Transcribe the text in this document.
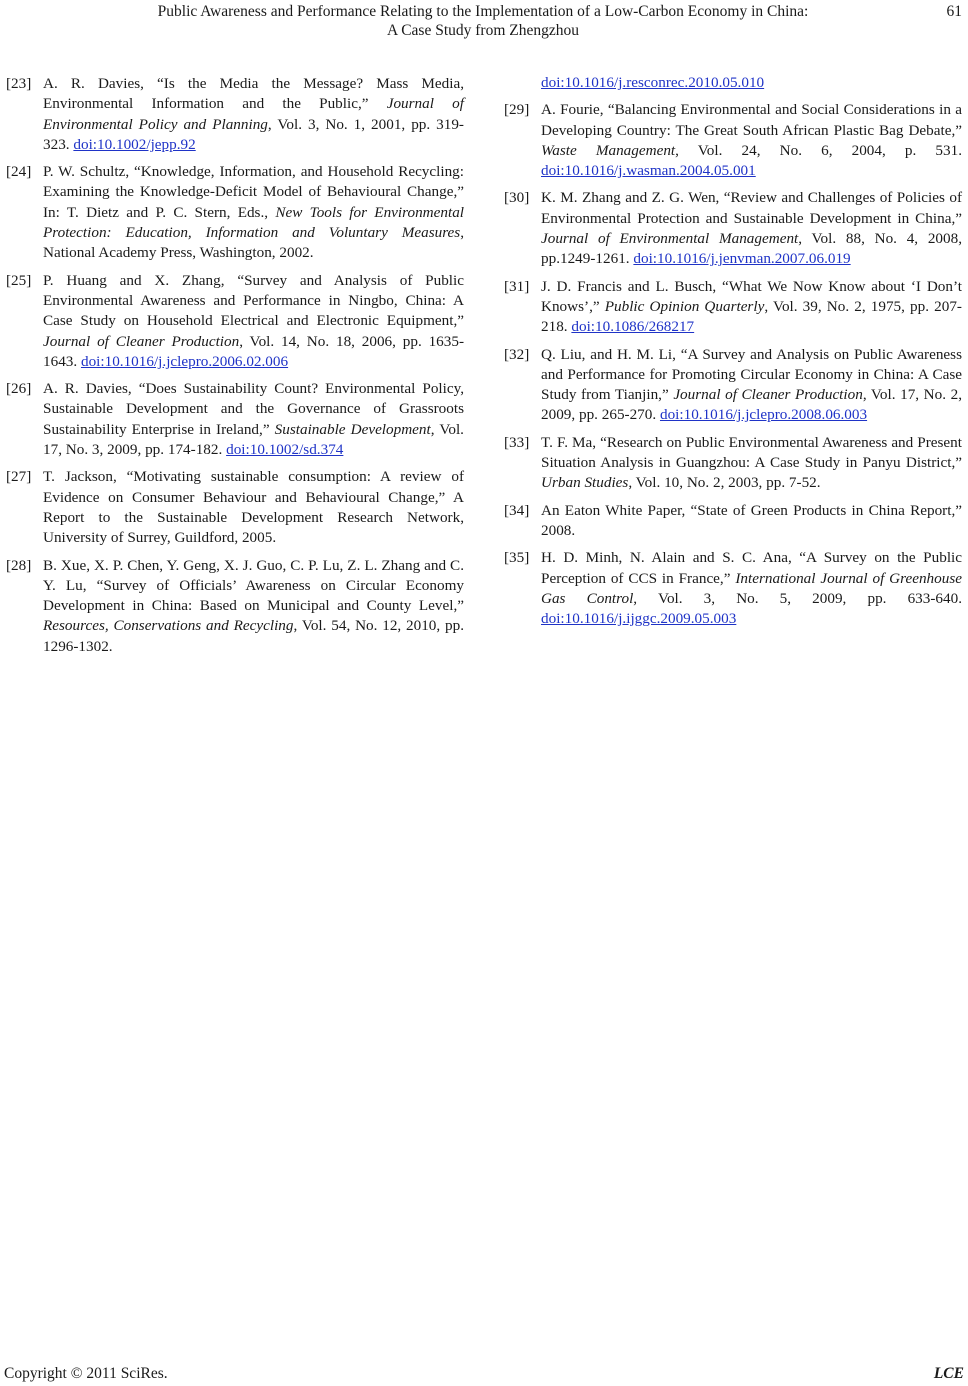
Public Awareness and Performance Relating to the Implementation of a Low-Carbon Economy in China:
A Case Study from Zhengzhou
61
[23] A. R. Davies, “Is the Media the Message? Mass Media, Environmental Information and the Public,” Journal of Environmental Policy and Planning, Vol. 3, No. 1, 2001, pp. 319-323. doi:10.1002/jepp.92
[24] P. W. Schultz, “Knowledge, Information, and Household Recycling: Examining the Knowledge-Deficit Model of Behavioural Change,” In: T. Dietz and P. C. Stern, Eds., New Tools for Environmental Protection: Education, Information and Voluntary Measures, National Academy Press, Washington, 2002.
[25] P. Huang and X. Zhang, “Survey and Analysis of Public Environmental Awareness and Performance in Ningbo, China: A Case Study on Household Electrical and Electronic Equipment,” Journal of Cleaner Production, Vol. 14, No. 18, 2006, pp. 1635-1643. doi:10.1016/j.jclepro.2006.02.006
[26] A. R. Davies, “Does Sustainability Count? Environmental Policy, Sustainable Development and the Governance of Grassroots Sustainability Enterprise in Ireland,” Sustainable Development, Vol. 17, No. 3, 2009, pp. 174-182. doi:10.1002/sd.374
[27] T. Jackson, “Motivating sustainable consumption: A review of Evidence on Consumer Behaviour and Behavioural Change,” A Report to the Sustainable Development Research Network, University of Surrey, Guildford, 2005.
[28] B. Xue, X. P. Chen, Y. Geng, X. J. Guo, C. P. Lu, Z. L. Zhang and C. Y. Lu, “Survey of Officials’ Awareness on Circular Economy Development in China: Based on Municipal and County Level,” Resources, Conservations and Recycling, Vol. 54, No. 12, 2010, pp. 1296-1302.
doi:10.1016/j.resconrec.2010.05.010
[29] A. Fourie, “Balancing Environmental and Social Considerations in a Developing Country: The Great South African Plastic Bag Debate,” Waste Management, Vol. 24, No. 6, 2004, p. 531. doi:10.1016/j.wasman.2004.05.001
[30] K. M. Zhang and Z. G. Wen, “Review and Challenges of Policies of Environmental Protection and Sustainable Development in China,” Journal of Environmental Management, Vol. 88, No. 4, 2008, pp.1249-1261. doi:10.1016/j.jenvman.2007.06.019
[31] J. D. Francis and L. Busch, “What We Now Know about ‘I Don’t Knows’,” Public Opinion Quarterly, Vol. 39, No. 2, 1975, pp. 207-218. doi:10.1086/268217
[32] Q. Liu, and H. M. Li, “A Survey and Analysis on Public Awareness and Performance for Promoting Circular Economy in China: A Case Study from Tianjin,” Journal of Cleaner Production, Vol. 17, No. 2, 2009, pp. 265-270. doi:10.1016/j.jclepro.2008.06.003
[33] T. F. Ma, “Research on Public Environmental Awareness and Present Situation Analysis in Guangzhou: A Case Study in Panyu District,” Urban Studies, Vol. 10, No. 2, 2003, pp. 7-52.
[34] An Eaton White Paper, “State of Green Products in China Report,” 2008.
[35] H. D. Minh, N. Alain and S. C. Ana, “A Survey on the Public Perception of CCS in France,” International Journal of Greenhouse Gas Control, Vol. 3, No. 5, 2009, pp. 633-640. doi:10.1016/j.ijggc.2009.05.003
Copyright © 2011 SciRes.	LCE
